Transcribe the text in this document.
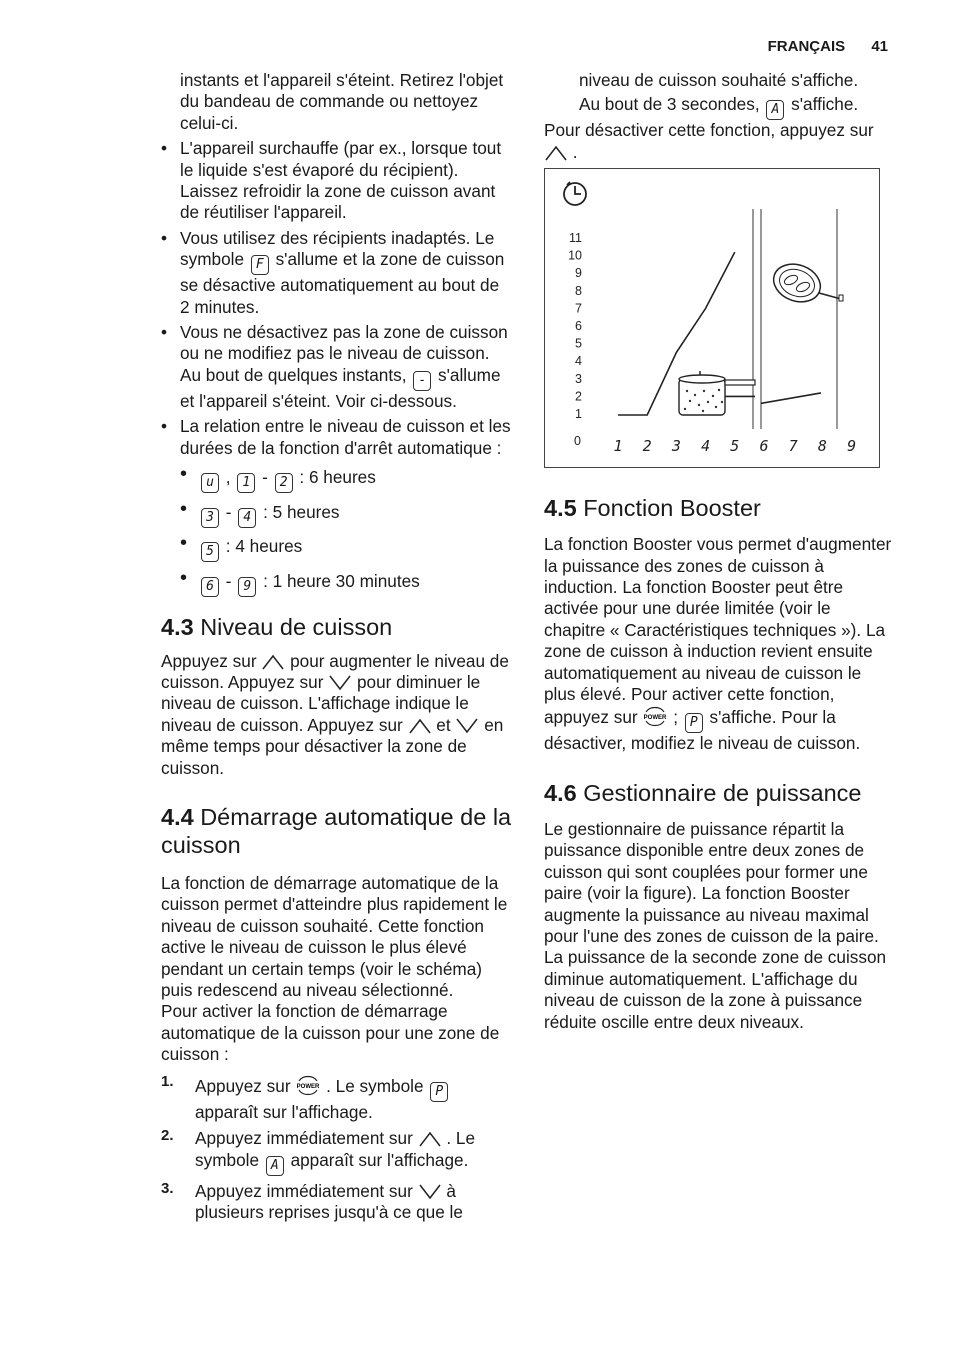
FRANÇAIS 41

instants et l'appareil s'éteint. Retirez l'objet du bandeau de commande ou nettoyez celui-ci.

• L'appareil surchauffe (par ex., lorsque tout le liquide s'est évaporé du récipient). Laissez refroidir la zone de cuisson avant de réutiliser l'appareil.
• Vous utilisez des récipients inadaptés. Le symbole F s'allume et la zone de cuisson se désactive automatiquement au bout de 2 minutes.
• Vous ne désactivez pas la zone de cuisson ou ne modifiez pas le niveau de cuisson. Au bout de quelques instants, - s'allume et l'appareil s'éteint. Voir ci-dessous.
• La relation entre le niveau de cuisson et les durées de la fonction d'arrêt automatique :
• u , 1 - 2 : 6 heures
• 3 - 4 : 5 heures
• 5 : 4 heures
• 6 - 9 : 1 heure 30 minutes
4.3 Niveau de cuisson

Appuyez sur pour augmenter le niveau de cuisson. Appuyez sur pour diminuer le niveau de cuisson. L'affichage indique le niveau de cuisson. Appuyez sur et en même temps pour désactiver la zone de cuisson.

4.4 Démarrage automatique de la cuisson

La fonction de démarrage automatique de la cuisson permet d'atteindre plus rapidement le niveau de cuisson souhaité. Cette fonction active le niveau de cuisson le plus élevé pendant un certain temps (voir le schéma) puis redescend au niveau sélectionné.

Pour activer la fonction de démarrage automatique de la cuisson pour une zone de cuisson :

1. Appuyez sur POWER . Le symbole P apparaît sur l'affichage.
2. Appuyez immédiatement sur . Le symbole A apparaît sur l'affichage.
3. Appuyez immédiatement sur à plusieurs reprises jusqu'à ce que le

niveau de cuisson souhaité s'affiche.

Au bout de 3 secondes, A s'affiche.

Pour désactiver cette fonction, appuyez sur  .

0
1
2
3
4
5
6
7
8
9
10
11
1 2 3 4 5 6 7 8 9
4.5 Fonction Booster

La fonction Booster vous permet d'augmenter la puissance des zones de cuisson à induction. La fonction Booster peut être activée pour une durée limitée (voir le chapitre « Caractéristiques techniques »). La zone de cuisson à induction revient ensuite automatiquement au niveau de cuisson le plus élevé. Pour activer cette fonction, appuyez sur POWER ; P s'affiche. Pour la désactiver, modifiez le niveau de cuisson.

4.6 Gestionnaire de puissance

Le gestionnaire de puissance répartit la puissance disponible entre deux zones de cuisson qui sont couplées pour former une paire (voir la figure). La fonction Booster augmente la puissance au niveau maximal pour l'une des zones de cuisson de la paire. La puissance de la seconde zone de cuisson diminue automatiquement. L'affichage du niveau de cuisson de la zone à puissance réduite oscille entre deux niveaux.
